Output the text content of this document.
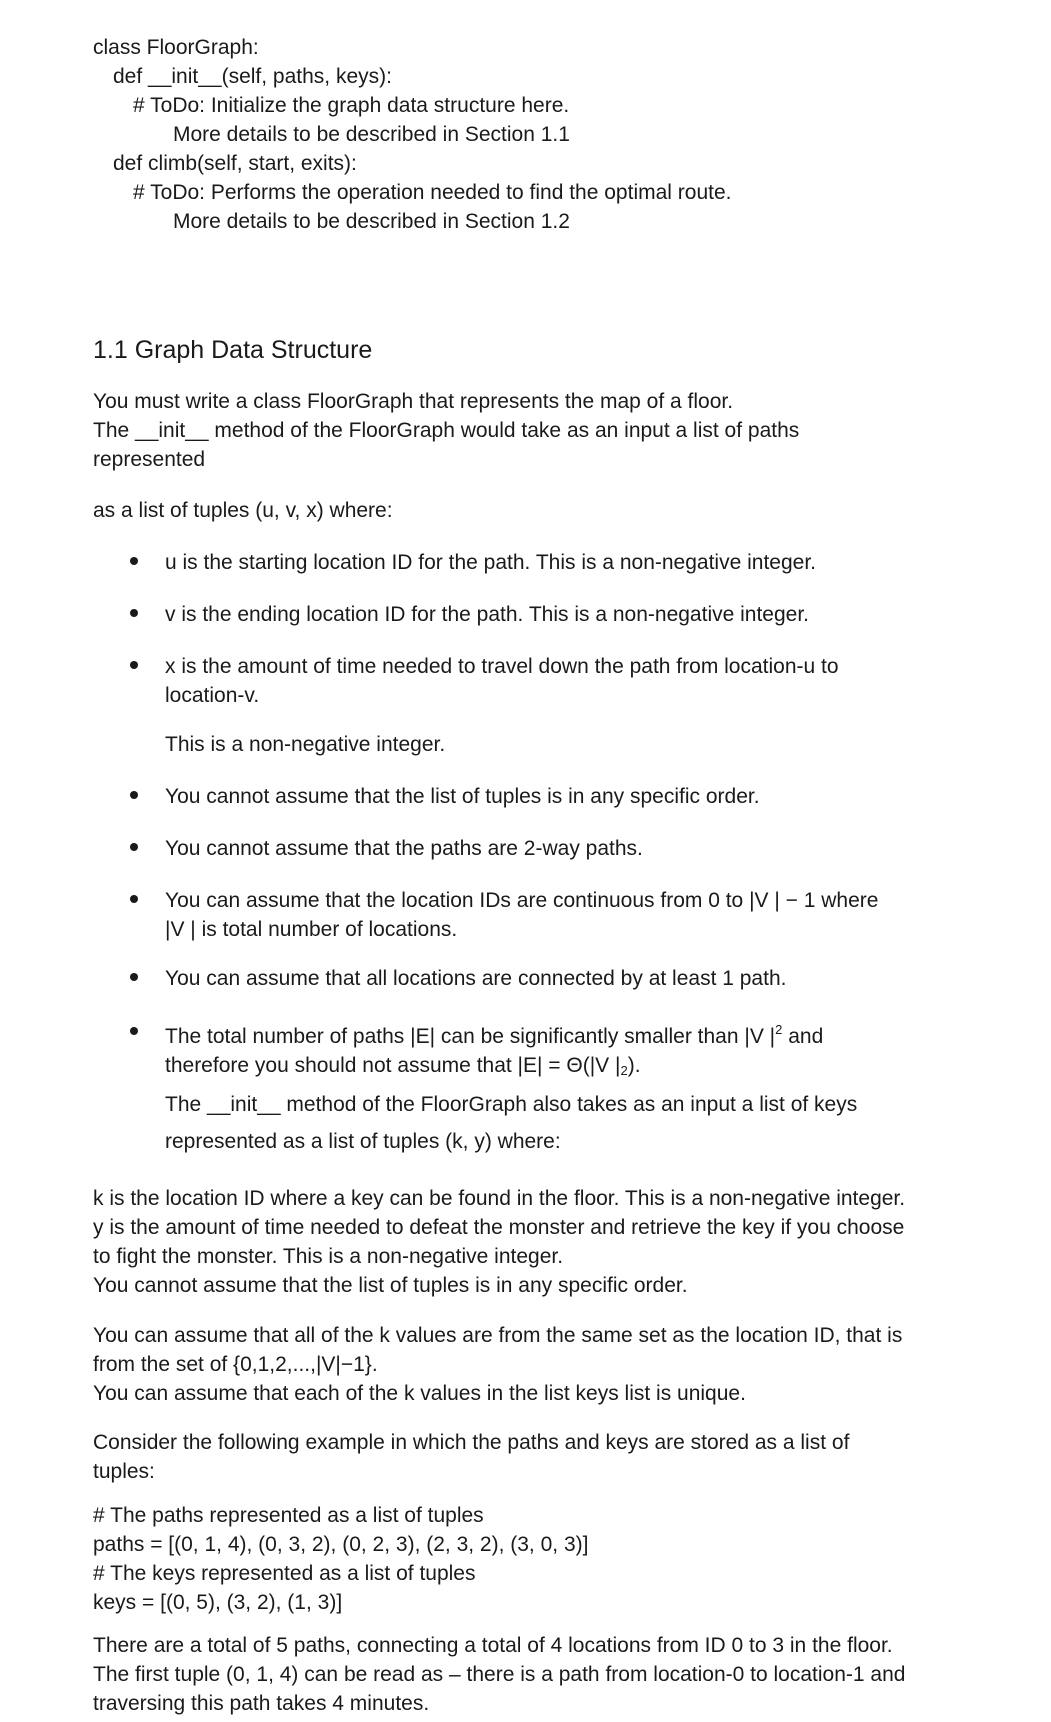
class FloorGraph:
def __init__(self, paths, keys):
# ToDo: Initialize the graph data structure here.
More details to be described in Section 1.1
def climb(self, start, exits):
# ToDo: Performs the operation needed to find the optimal route.
More details to be described in Section 1.2
1.1 Graph Data Structure
You must write a class FloorGraph that represents the map of a floor.
The __init__ method of the FloorGraph would take as an input a list of paths
represented
as a list of tuples (u, v, x) where:
u is the starting location ID for the path. This is a non-negative integer.
v is the ending location ID for the path. This is a non-negative integer.
x is the amount of time needed to travel down the path from location-u to
location-v.
This is a non-negative integer.
You cannot assume that the list of tuples is in any specific order.
You cannot assume that the paths are 2-way paths.
You can assume that the location IDs are continuous from 0 to |V | − 1 where
|V | is total number of locations.
You can assume that all locations are connected by at least 1 path.
The total number of paths |E| can be significantly smaller than |V $|^2$ and
therefore you should not assume that |E| = Θ(|V $|_2$).
The __init__ method of the FloorGraph also takes as an input a list of keys
represented as a list of tuples (k, y) where:
k is the location ID where a key can be found in the floor. This is a non-negative integer.
y is the amount of time needed to defeat the monster and retrieve the key if you choose
to fight the monster. This is a non-negative integer.
You cannot assume that the list of tuples is in any specific order.
You can assume that all of the k values are from the same set as the location ID, that is
from the set of {0,1,2,...,|V|−1}.
You can assume that each of the k values in the list keys list is unique.
Consider the following example in which the paths and keys are stored as a list of
tuples:
# The paths represented as a list of tuples
paths = [(0, 1, 4), (0, 3, 2), (0, 2, 3), (2, 3, 2), (3, 0, 3)]
# The keys represented as a list of tuples
keys = [(0, 5), (3, 2), (1, 3)]
There are a total of 5 paths, connecting a total of 4 locations from ID 0 to 3 in the floor.
The first tuple (0, 1, 4) can be read as – there is a path from location-0 to location-1 and
traversing this path takes 4 minutes.
